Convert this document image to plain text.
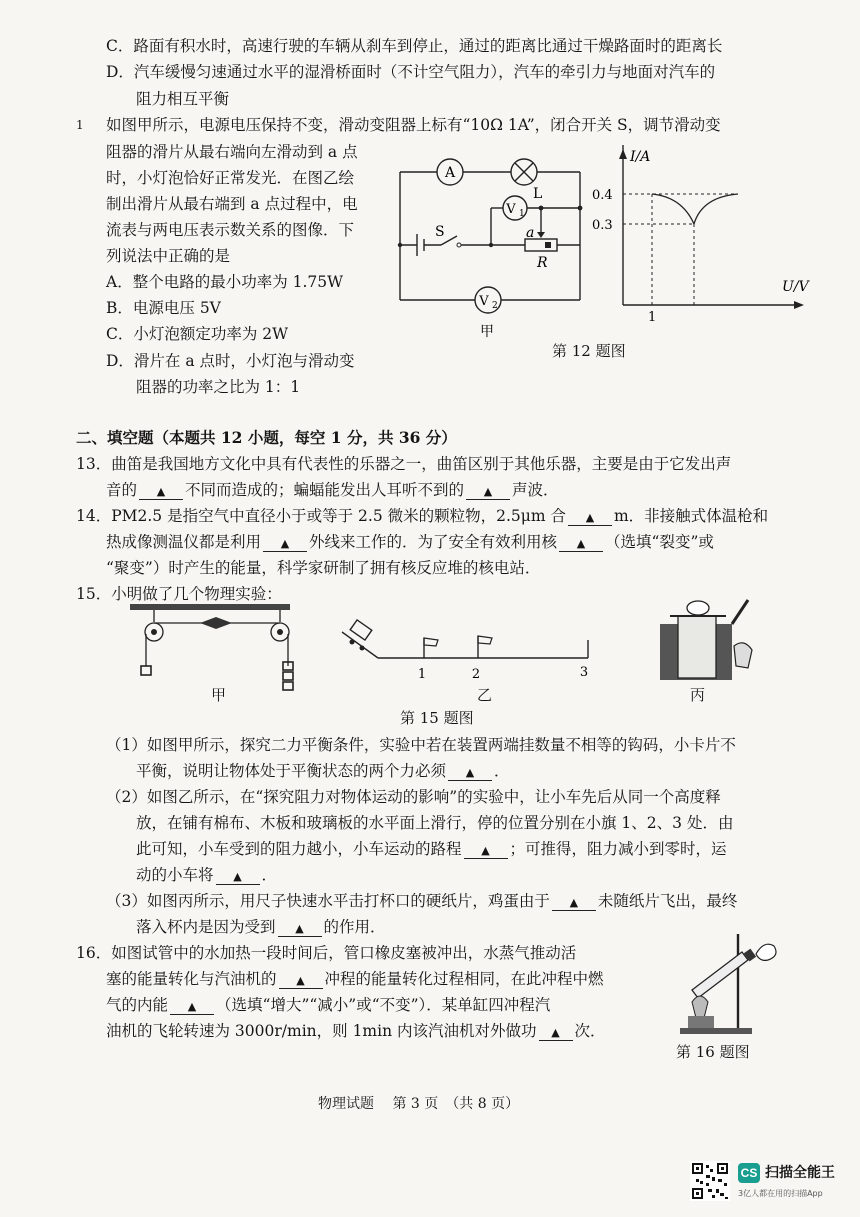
C．路面有积水时，高速行驶的车辆从刹车到停止，通过的距离比通过干燥路面时的距离长
D．汽车缓慢匀速通过水平的湿滑桥面时（不计空气阻力），汽车的牵引力与地面对汽车的
阻力相互平衡
1 如图甲所示，电源电压保持不变，滑动变阻器上标有“10Ω 1A”，闭合开关 S，调节滑动变
阻器的滑片从最右端向左滑动到 a 点
时，小灯泡恰好正常发光．在图乙绘
制出滑片从最右端到 a 点过程中，电
流表与两电压表示数关系的图像．下
列说法中正确的是
A．整个电路的最小功率为 1.75W
B．电源电压 5V
C．小灯泡额定功率为 2W
D．滑片在 a 点时，小灯泡与滑动变
阻器的功率之比为 1：1
A
L
V 1
V 2
S	a
R
甲
I/A
U/V
0.4
0.3
1
第 12 题图
二、填空题（本题共 12 小题，每空 1 分，共 36 分）
13．曲笛是我国地方文化中具有代表性的乐器之一，曲笛区别于其他乐器，主要是由于它发出声
音的 ▲ 不同而造成的；蝙蝠能发出人耳听不到的 ▲ 声波．
14．PM2.5 是指空气中直径小于或等于 2.5 微米的颗粒物，2.5μm 合 ▲ m．非接触式体温枪和
热成像测温仪都是利用 ▲ 外线来工作的．为了安全有效利用核 ▲ （选填“裂变”或
“聚变”）时产生的能量，科学家研制了拥有核反应堆的核电站．
15．小明做了几个物理实验：
甲
1	2	3
乙	丙
第 15 题图
（1）如图甲所示，探究二力平衡条件，实验中若在装置两端挂数量不相等的钩码，小卡片不
平衡，说明让物体处于平衡状态的两个力必须 ▲ ．
（2）如图乙所示，在“探究阻力对物体运动的影响”的实验中，让小车先后从同一个高度释
放，在铺有棉布、木板和玻璃板的水平面上滑行，停的位置分别在小旗 1、2、3 处．由
此可知，小车受到的阻力越小，小车运动的路程 ▲ ；可推得，阻力减小到零时，运
动的小车将 ▲ ．
（3）如图丙所示，用尺子快速水平击打杯口的硬纸片，鸡蛋由于 ▲ 未随纸片飞出，最终
落入杯内是因为受到 ▲ 的作用．
16．如图试管中的水加热一段时间后，管口橡皮塞被冲出，水蒸气推动活
塞的能量转化与汽油机的 ▲ 冲程的能量转化过程相同，在此冲程中燃
气的内能 ▲ （选填“增大”“减小”或“不变”）．某单缸四冲程汽
油机的飞轮转速为 3000r/min，则 1min 内该汽油机对外做功 ▲ 次．
第 16 题图
物理试题　 第 3 页　（共 8 页）
CS 扫描全能王
3亿人都在用的扫描App
